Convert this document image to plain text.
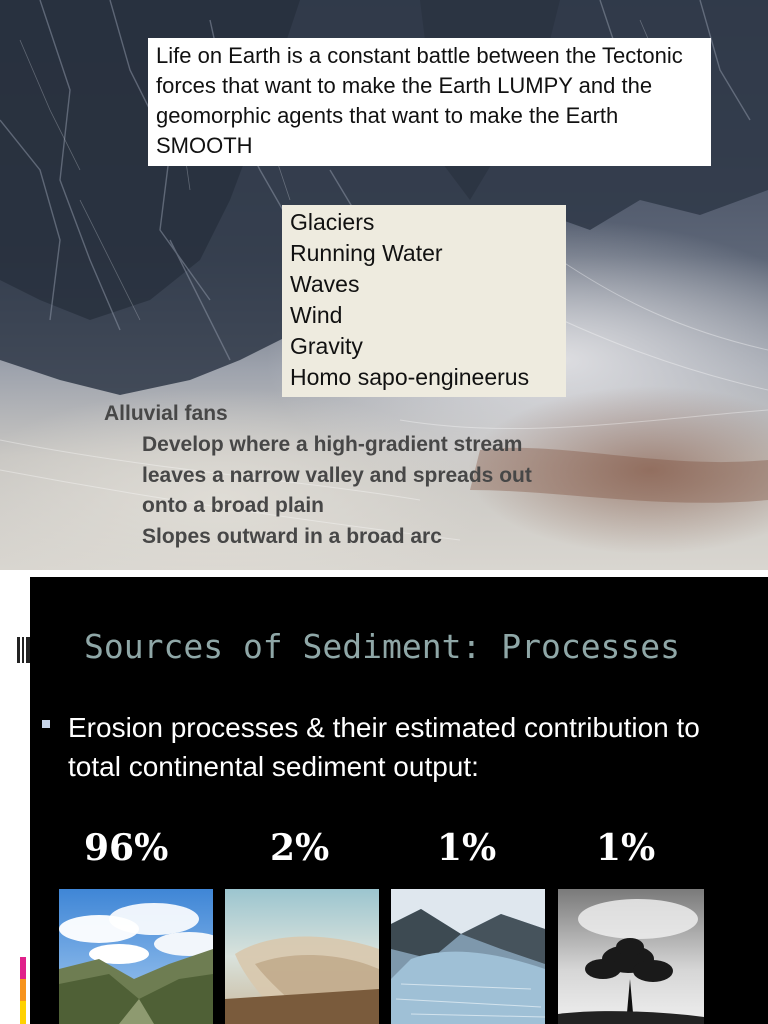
Life on Earth is a constant battle between the Tectonic forces that want to make the Earth LUMPY and the geomorphic agents that want to make the Earth SMOOTH
Glaciers
Running Water
Waves
Wind
Gravity
Homo sapo-engineerus
Alluvial fans
Develop where a high-gradient stream
leaves a narrow valley and spreads out
onto a broad plain
Slopes outward in a broad arc
Sources of Sediment: Processes
Erosion processes & their estimated contribution to total continental sediment output:
96%	2%	1%	1%
